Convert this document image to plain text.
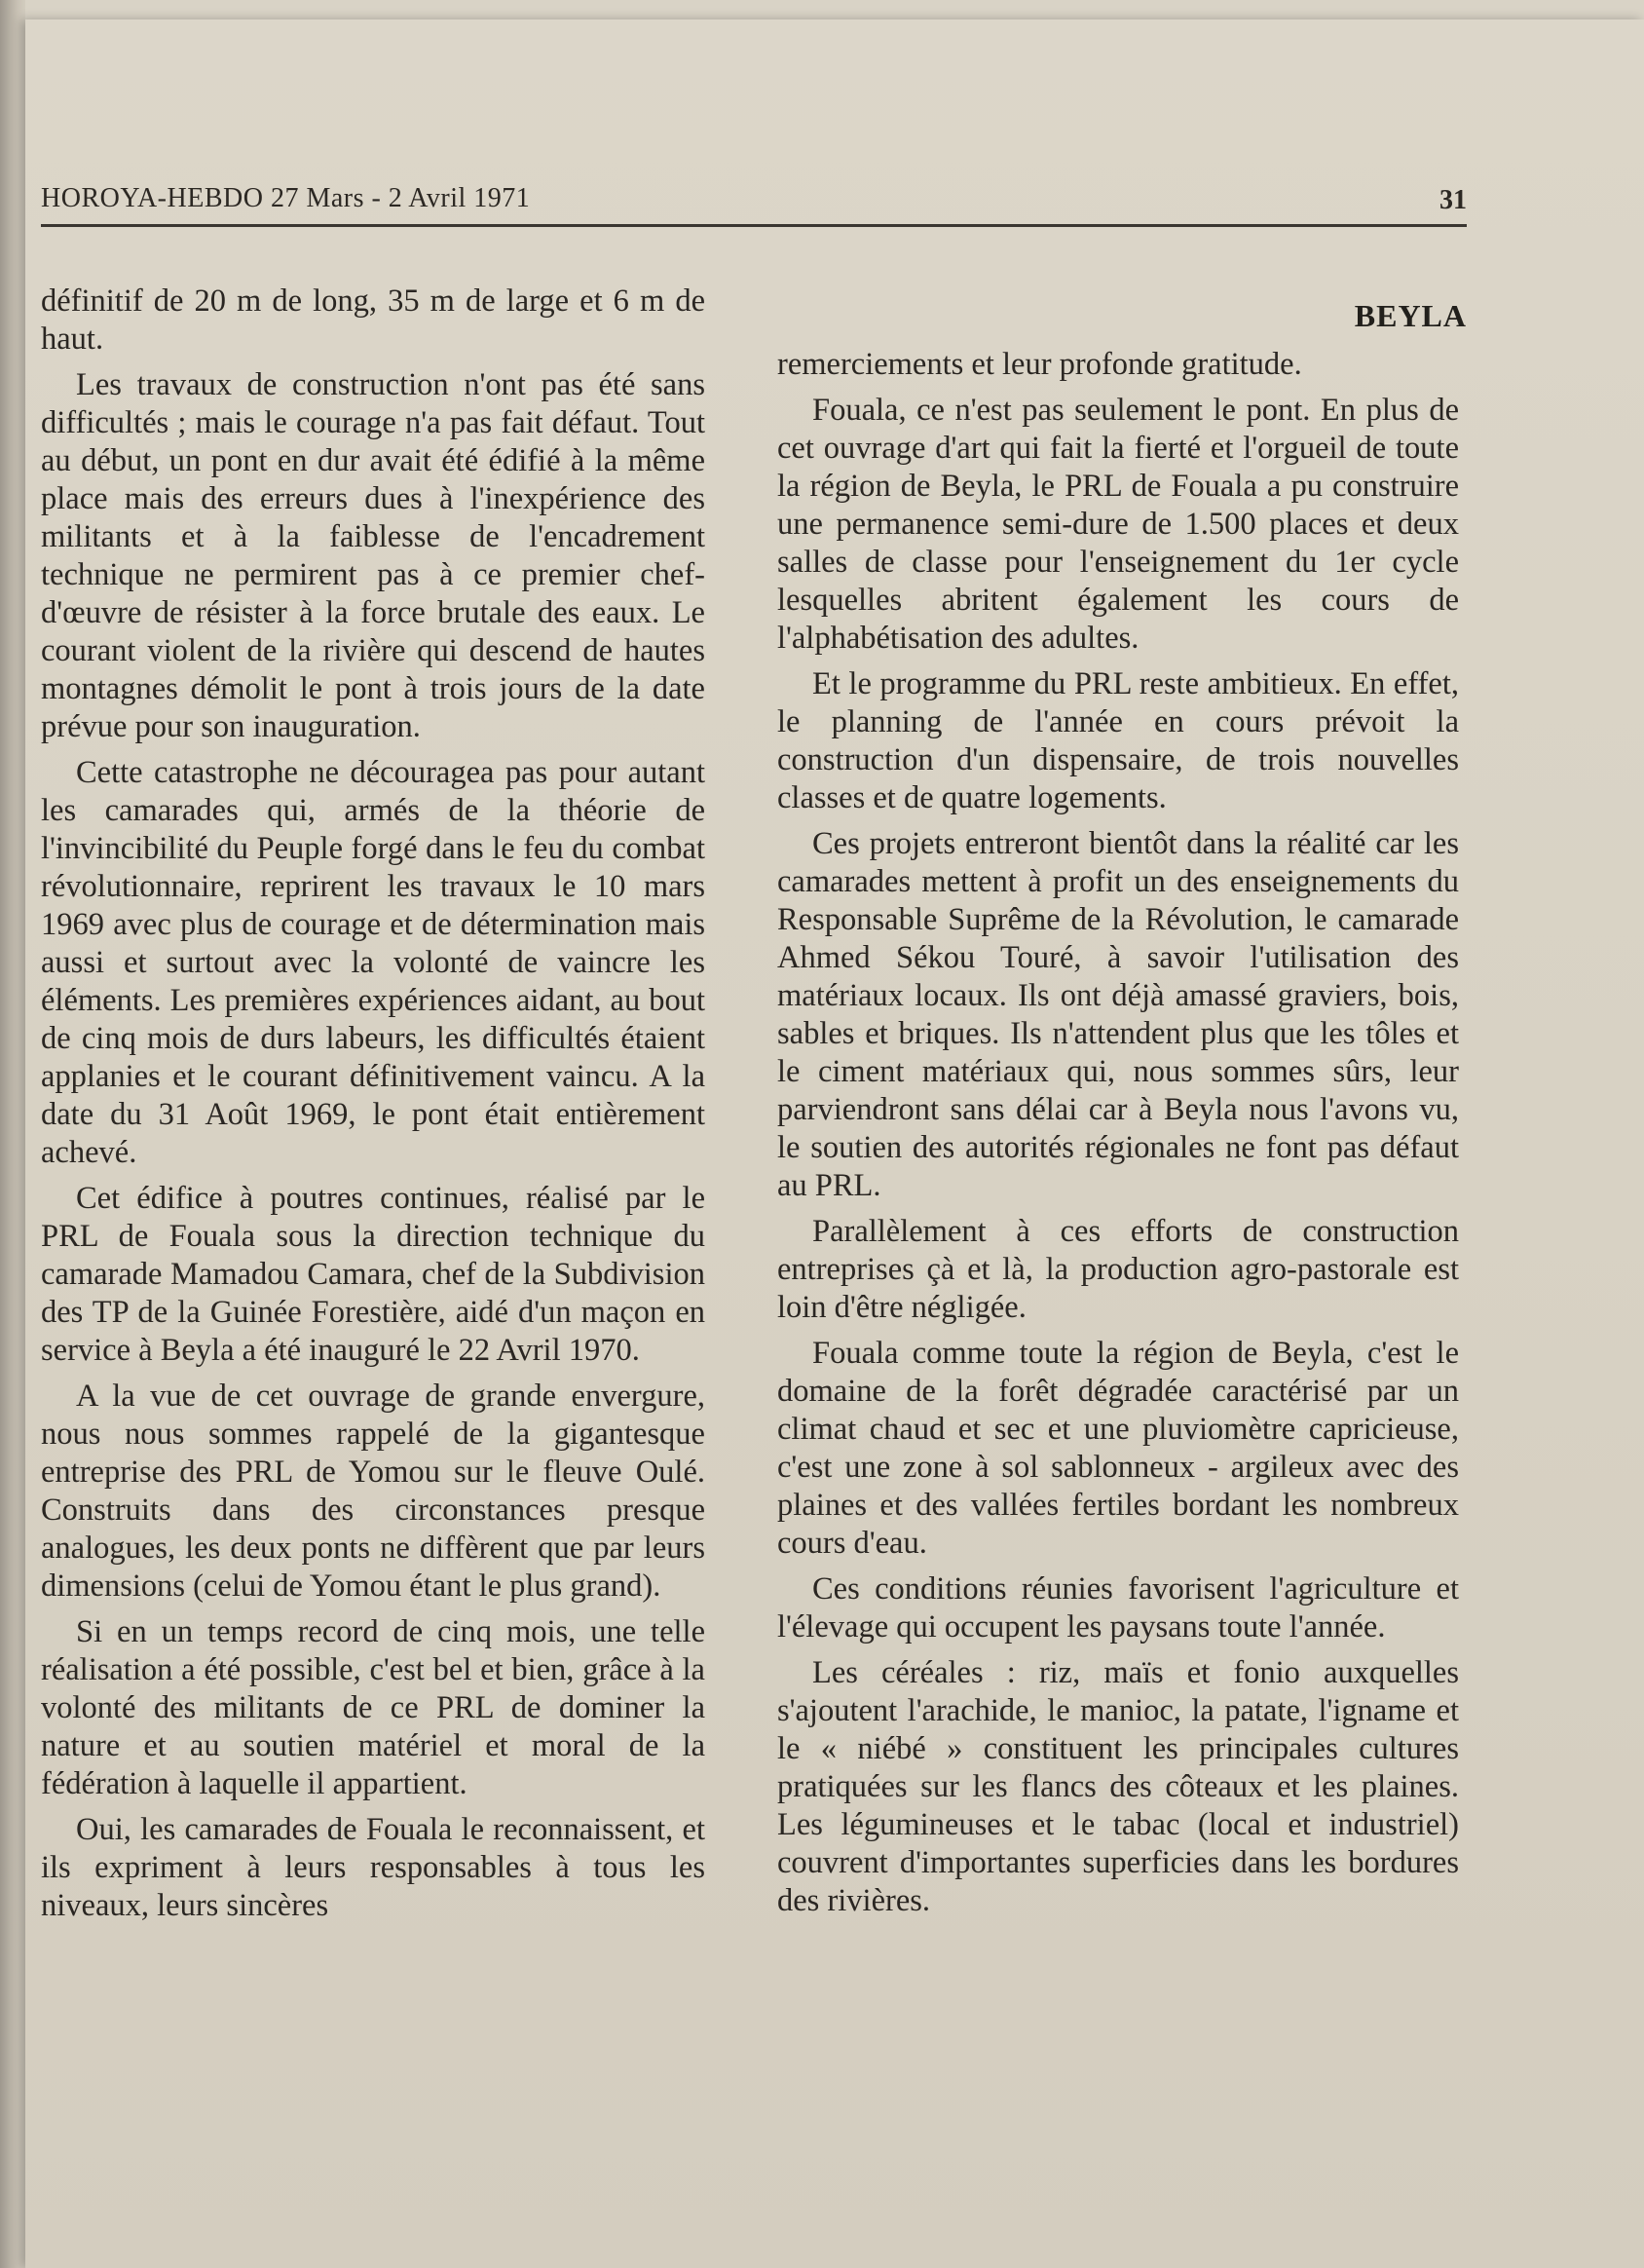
HOROYA-HEBDO 27 Mars - 2 Avril 1971	31
BEYLA

définitif de 20 m de long, 35 m de large et 6 m de haut.

Les travaux de construction n'ont pas été sans difficultés ; mais le courage n'a pas fait défaut. Tout au début, un pont en dur avait été édifié à la même place mais des erreurs dues à l'inexpérience des militants et à la faiblesse de l'encadrement technique ne permirent pas à ce premier chef-d'œuvre de résister à la force brutale des eaux. Le courant violent de la rivière qui descend de hautes montagnes démolit le pont à trois jours de la date prévue pour son inauguration.

Cette catastrophe ne découragea pas pour autant les camarades qui, armés de la théorie de l'invincibilité du Peuple forgé dans le feu du combat révolutionnaire, reprirent les travaux le 10 mars 1969 avec plus de courage et de détermination mais aussi et surtout avec la volonté de vaincre les éléments. Les premières expériences aidant, au bout de cinq mois de durs labeurs, les difficultés étaient applanies et le courant définitivement vaincu. A la date du 31 Août 1969, le pont était entièrement achevé.

Cet édifice à poutres continues, réalisé par le PRL de Fouala sous la direction technique du camarade Mamadou Camara, chef de la Subdivision des TP de la Guinée Forestière, aidé d'un maçon en service à Beyla a été inauguré le 22 Avril 1970.

A la vue de cet ouvrage de grande envergure, nous nous sommes rappelé de la gigantesque entreprise des PRL de Yomou sur le fleuve Oulé. Construits dans des circonstances presque analogues, les deux ponts ne diffèrent que par leurs dimensions (celui de Yomou étant le plus grand).

Si en un temps record de cinq mois, une telle réalisation a été possible, c'est bel et bien, grâce à la volonté des militants de ce PRL de dominer la nature et au soutien matériel et moral de la fédération à laquelle il appartient.

Oui, les camarades de Fouala le reconnaissent, et ils expriment à leurs responsables à tous les niveaux, leurs sincères

remerciements et leur profonde gratitude.

Fouala, ce n'est pas seulement le pont. En plus de cet ouvrage d'art qui fait la fierté et l'orgueil de toute la région de Beyla, le PRL de Fouala a pu construire une permanence semi-dure de 1.500 places et deux salles de classe pour l'enseignement du 1er cycle lesquelles abritent également les cours de l'alphabétisation des adultes.

Et le programme du PRL reste ambitieux. En effet, le planning de l'année en cours prévoit la construction d'un dispensaire, de trois nouvelles classes et de quatre logements.

Ces projets entreront bientôt dans la réalité car les camarades mettent à profit un des enseignements du Responsable Suprême de la Révolution, le camarade Ahmed Sékou Touré, à savoir l'utilisation des matériaux locaux. Ils ont déjà amassé graviers, bois, sables et briques. Ils n'attendent plus que les tôles et le ciment matériaux qui, nous sommes sûrs, leur parviendront sans délai car à Beyla nous l'avons vu, le soutien des autorités régionales ne font pas défaut au PRL.

Parallèlement à ces efforts de construction entreprises çà et là, la production agro-pastorale est loin d'être négligée.

Fouala comme toute la région de Beyla, c'est le domaine de la forêt dégradée caractérisé par un climat chaud et sec et une pluviomètre capricieuse, c'est une zone à sol sablonneux - argileux avec des plaines et des vallées fertiles bordant les nombreux cours d'eau.

Ces conditions réunies favorisent l'agriculture et l'élevage qui occupent les paysans toute l'année.

Les céréales : riz, maïs et fonio auxquelles s'ajoutent l'arachide, le manioc, la patate, l'igname et le « niébé » constituent les principales cultures pratiquées sur les flancs des côteaux et les plaines. Les légumineuses et le tabac (local et industriel) couvrent d'importantes superficies dans les bordures des rivières.
